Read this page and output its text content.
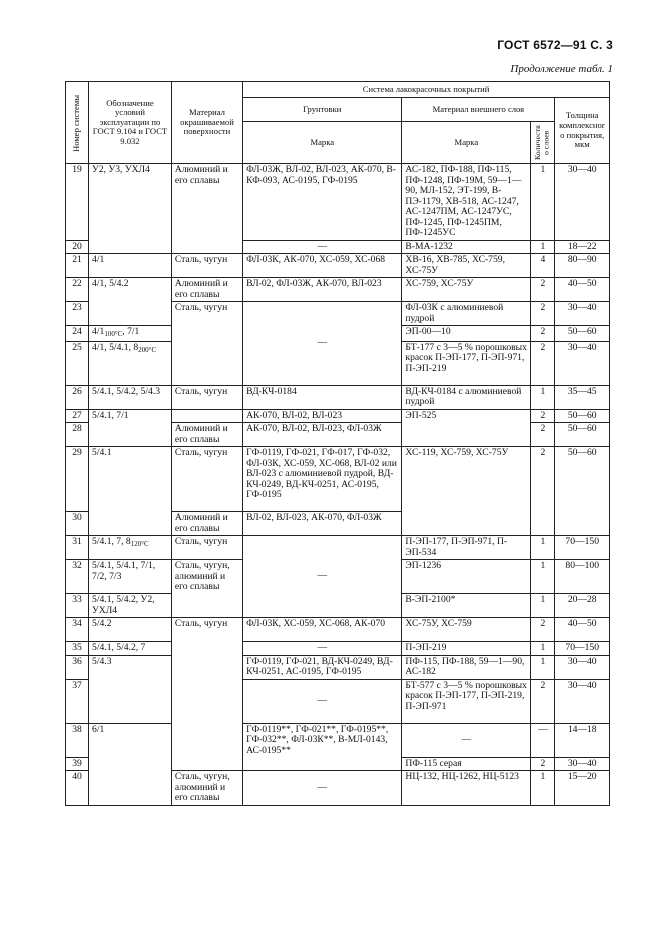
ГОСТ 6572—91 С. 3
Продолжение табл. 1
Номер системы	Обозначение условий эксплуатации по ГОСТ 9.104 и ГОСТ 9.032	Материал окрашиваемой поверхности	Система лакокрасочных покрытий			
			Грунтовки	Материал внешнего слоя		Толщина комплексного покрытия, мкм
			Марка	Марка	Количество слоев	

19	У2, У3, УХЛ4	Алюминий и его сплавы	ФЛ-03Ж, ВЛ-02, ВЛ-023, АК-070, В-КФ-093, АС-0195, ГФ-0195	АС-182, ПФ-188, ПФ-115, ПФ-1248, ПФ-19М, 59—1—90, МЛ-152, ЭТ-199, В-ПЭ-1179, ХВ-518, АС-1247, АС-1247ПМ, АС-1247УС, ПФ-1245, ПФ-1245ПМ, ПФ-1245УС	1	30—40
20			—	В-МА-1232	1	18—22
21	4/1	Сталь, чугун	ФЛ-03К, АК-070, ХС-059, ХС-068	ХВ-16, ХВ-785, ХС-759, ХС-75У	4	80—90
22	4/1, 5/4.2	Алюминий и его сплавы	ВЛ-02, ФЛ-03Ж, АК-070, ВЛ-023	ХС-759, ХС-75У	2	40—50
23		Сталь, чугун	—	ФЛ-03К с алюминиевой пудрой	2	30—40
24	$4/1_{100^\circ С}$, 7/1			ЭП-00—10	2	50—60
25	4/1, 5/4.1, $8_{200^\circ С}$			БТ-177 с 3—5 % порошковых красок П-ЭП-177, П-ЭП-971, П-ЭП-219	2	30—40
26	5/4.1, 5/4.2, 5/4.3	Сталь, чугун	ВД-КЧ-0184	ВД-КЧ-0184 с алюминиевой пудрой	1	35—45
27	5/4.1, 7/1		АК-070, ВЛ-02, ВЛ-023	ЭП-525	2	50—60
28		Алюминий и его сплавы	АК-070, ВЛ-02, ВЛ-023, ФЛ-03Ж		2	50—60
29	5/4.1	Сталь, чугун	ГФ-0119, ГФ-021, ГФ-017, ГФ-032, ФЛ-03К, ХС-059, ХС-068, ВЛ-02 или ВЛ-023 с алюминиевой пудрой, ВД-КЧ-0249, ВД-КЧ-0251, АС-0195, ГФ-0195	ХС-119, ХС-759, ХС-75У	2	50—60
30		Алюминий и его сплавы	ВЛ-02, ВЛ-023, АК-070, ФЛ-03Ж			
31	5/4.1, 7, $8_{120^\circ С}$	Сталь, чугун	—	П-ЭП-177, П-ЭП-971, П-ЭП-534	1	70—150
32	5/4.1, 5/4.1, 7/1, 7/2, 7/3	Сталь, чугун, алюминий и его сплавы		ЭП-1236	1	80—100
33	5/4.1, 5/4.2, У2, УХЛ4			В-ЭП-2100*	1	20—28
34	5/4.2	Сталь, чугун	ФЛ-03К, ХС-059, ХС-068, АК-070	ХС-75У, ХС-759	2	40—50
35	5/4.1, 5/4.2, 7		—	П-ЭП-219	1	70—150
36	5/4.3		ГФ-0119, ГФ-021, ВД-КЧ-0249, ВД-КЧ-0251, АС-0195, ГФ-0195	ПФ-115, ПФ-188, 59—1—90, АС-182	1	30—40
37			—	БТ-577 с 3—5 % порошковых красок П-ЭП-177, П-ЭП-219, П-ЭП-971	2	30—40
38	6/1		ГФ-0119**, ГФ-021**, ГФ-0195**, ГФ-032**, ФЛ-03К**, В-МЛ-0143, АС-0195**	—	—	14—18
39				ПФ-115 серая	2	30—40
40		Сталь, чугун, алюминий и его сплавы	—	НЦ-132, НЦ-1262, НЦ-5123	1	15—20
